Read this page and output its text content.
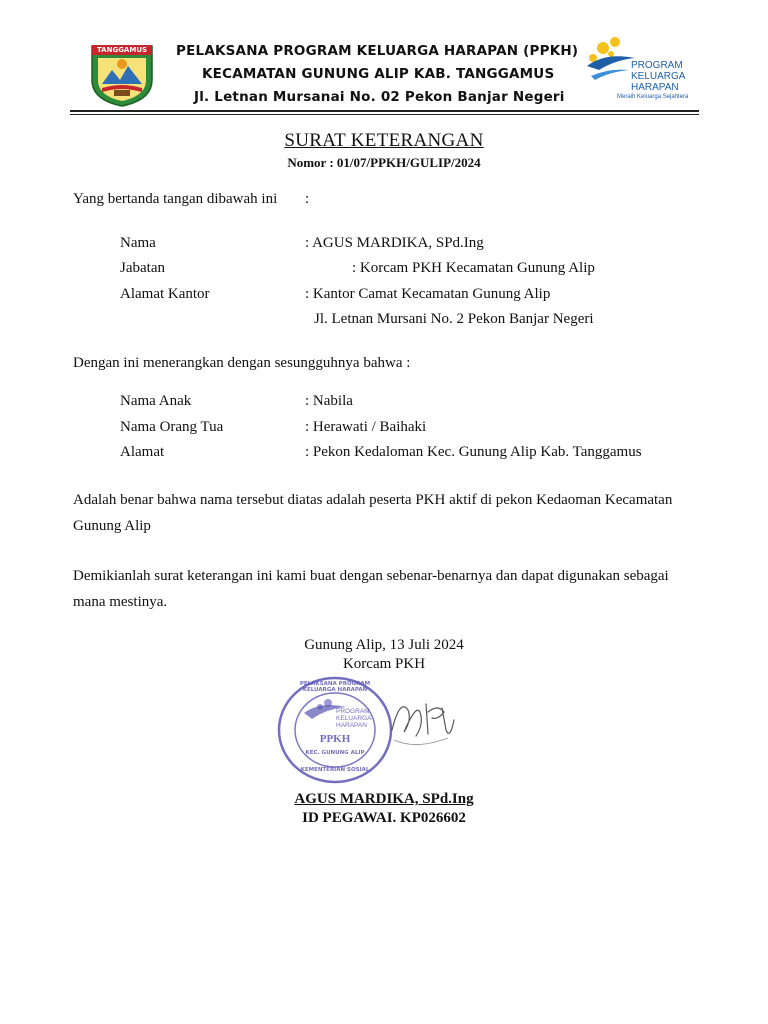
TANGGAMUS	PELAKSANA PROGRAM KELUARGA HARAPAN (PPKH)
KECAMATAN GUNUNG ALIP KAB. TANGGAMUS
Jl. Letnan Mursanai No. 02 Pekon Banjar Negeri
PROGRAM
KELUARGA
HARAPAN
Meraih Keluarga Sejahtera
SURAT KETERANGAN
Nomor : 01/07/PPKH/GULIP/2024
Yang bertanda tangan dibawah ini :
Nama	: AGUS MARDIKA, SPd.Ing
Jabatan	: Korcam PKH Kecamatan Gunung Alip
Alamat Kantor	: Kantor Camat Kecamatan Gunung Alip
Jl. Letnan Mursani No. 2 Pekon Banjar Negeri
Dengan ini menerangkan dengan sesungguhnya bahwa :
Nama Anak	: Nabila
Nama Orang Tua	: Herawati / Baihaki
Alamat	: Pekon Kedaloman Kec. Gunung Alip Kab. Tanggamus
Adalah benar bahwa nama tersebut diatas adalah peserta PKH aktif di pekon Kedaoman Kecamatan Gunung Alip
Demikianlah surat keterangan ini kami buat dengan sebenar-benarnya dan dapat digunakan sebagai mana mestinya.
Gunung Alip, 13 Juli 2024
Korcam PKH
PELAKSANA PROGRAM KELUARGA HARAPAN
PROGRAM
KELUARGA
HARAPAN
PPKH
KEC. GUNUNG ALIP
KEMENTERIAN SOSIAL
AGUS MARDIKA, SPd.Ing
ID PEGAWAI. KP026602
